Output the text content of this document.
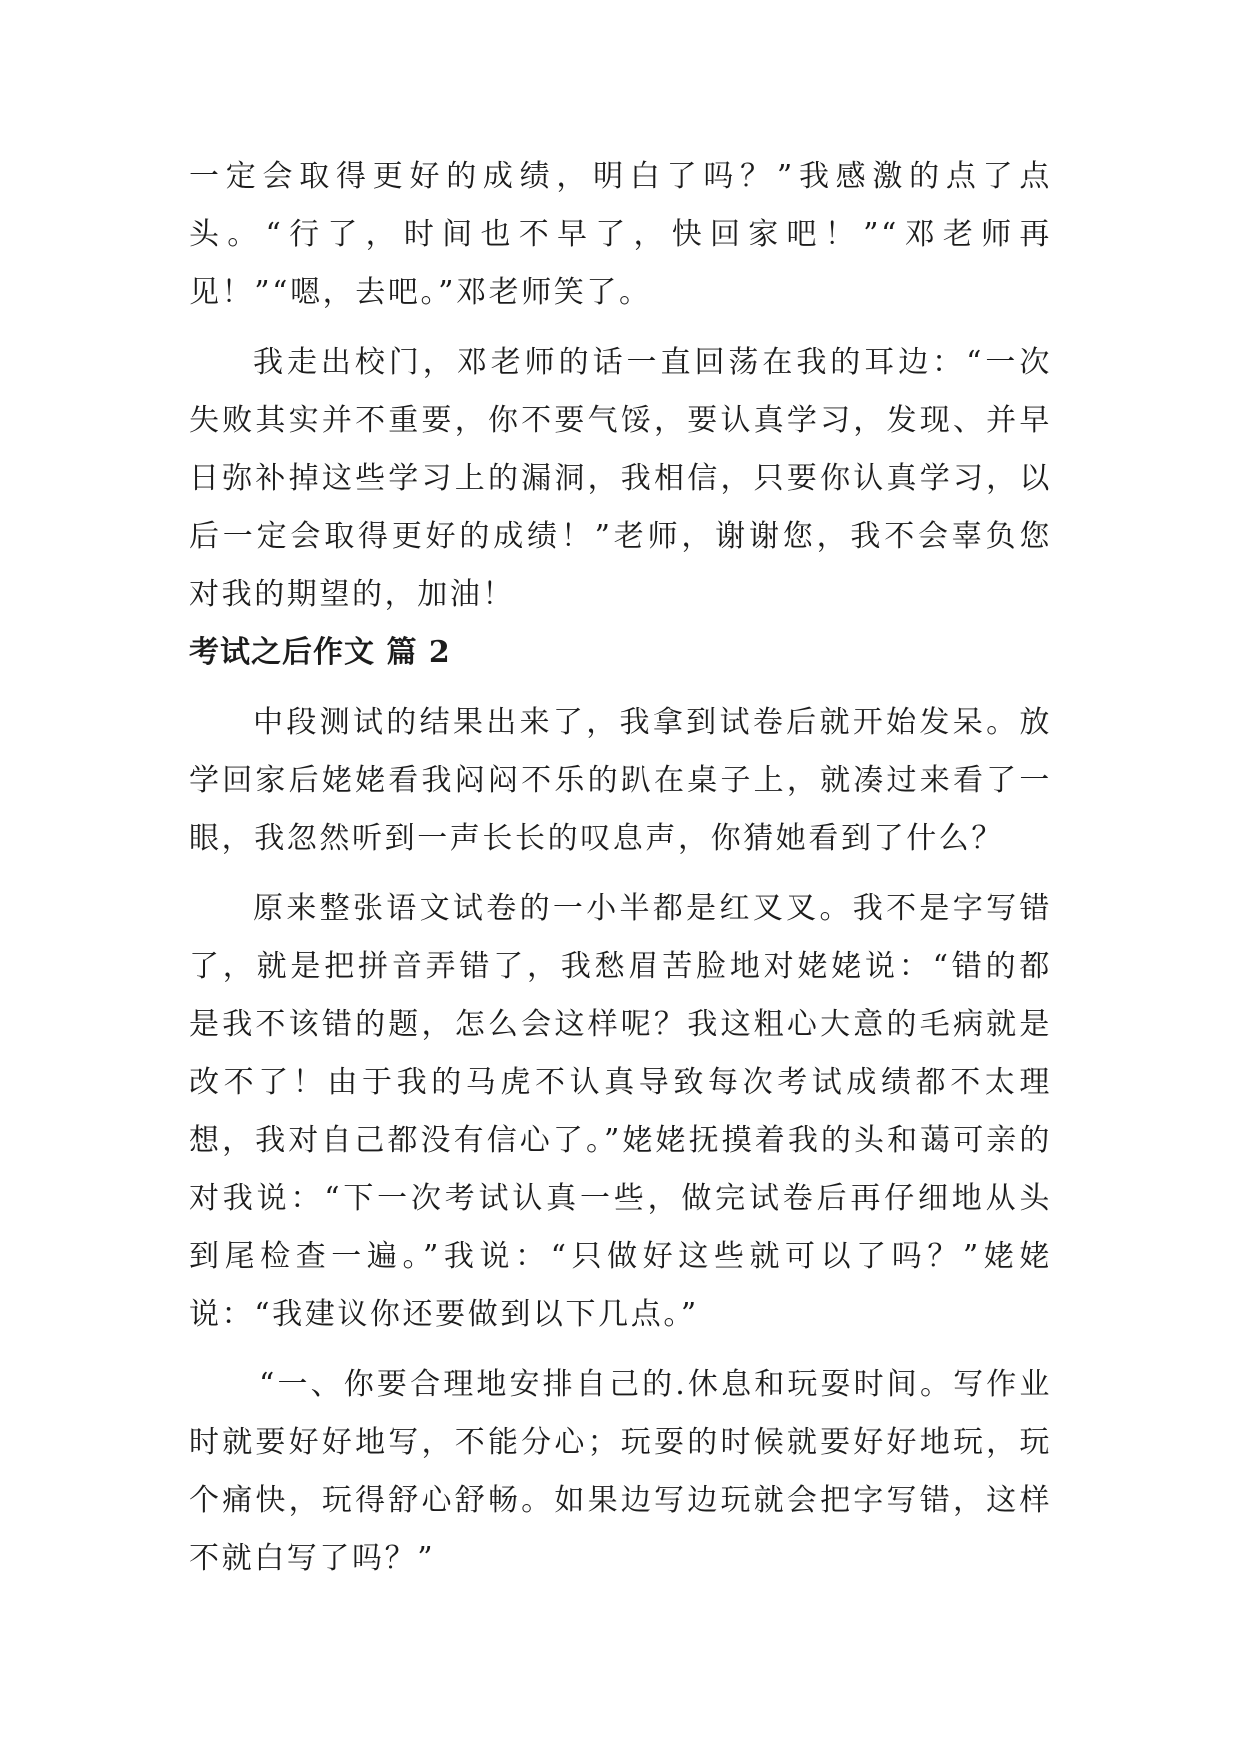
一定会取得更好的成绩，明白了吗？”我感激的点了点头。“行了，时间也不早了，快回家吧！”“邓老师再见！”“嗯，去吧。”邓老师笑了。

我走出校门，邓老师的话一直回荡在我的耳边：“一次失败其实并不重要，你不要气馁，要认真学习，发现、并早日弥补掉这些学习上的漏洞，我相信，只要你认真学习，以后一定会取得更好的成绩！”老师，谢谢您，我不会辜负您对我的期望的，加油！

考试之后作文 篇 2

中段测试的结果出来了，我拿到试卷后就开始发呆。放学回家后姥姥看我闷闷不乐的趴在桌子上，就凑过来看了一眼，我忽然听到一声长长的叹息声，你猜她看到了什么？

原来整张语文试卷的一小半都是红叉叉。我不是字写错了，就是把拼音弄错了，我愁眉苦脸地对姥姥说：“错的都是我不该错的题，怎么会这样呢？我这粗心大意的毛病就是改不了！由于我的马虎不认真导致每次考试成绩都不太理想，我对自己都没有信心了。”姥姥抚摸着我的头和蔼可亲的对我说：“下一次考试认真一些，做完试卷后再仔细地从头到尾检查一遍。”我说：“只做好这些就可以了吗？”姥姥说：“我建议你还要做到以下几点。”

“一、你要合理地安排自己的.休息和玩耍时间。写作业时就要好好地写，不能分心；玩耍的时候就要好好地玩，玩个痛快，玩得舒心舒畅。如果边写边玩就会把字写错，这样不就白写了吗？”
